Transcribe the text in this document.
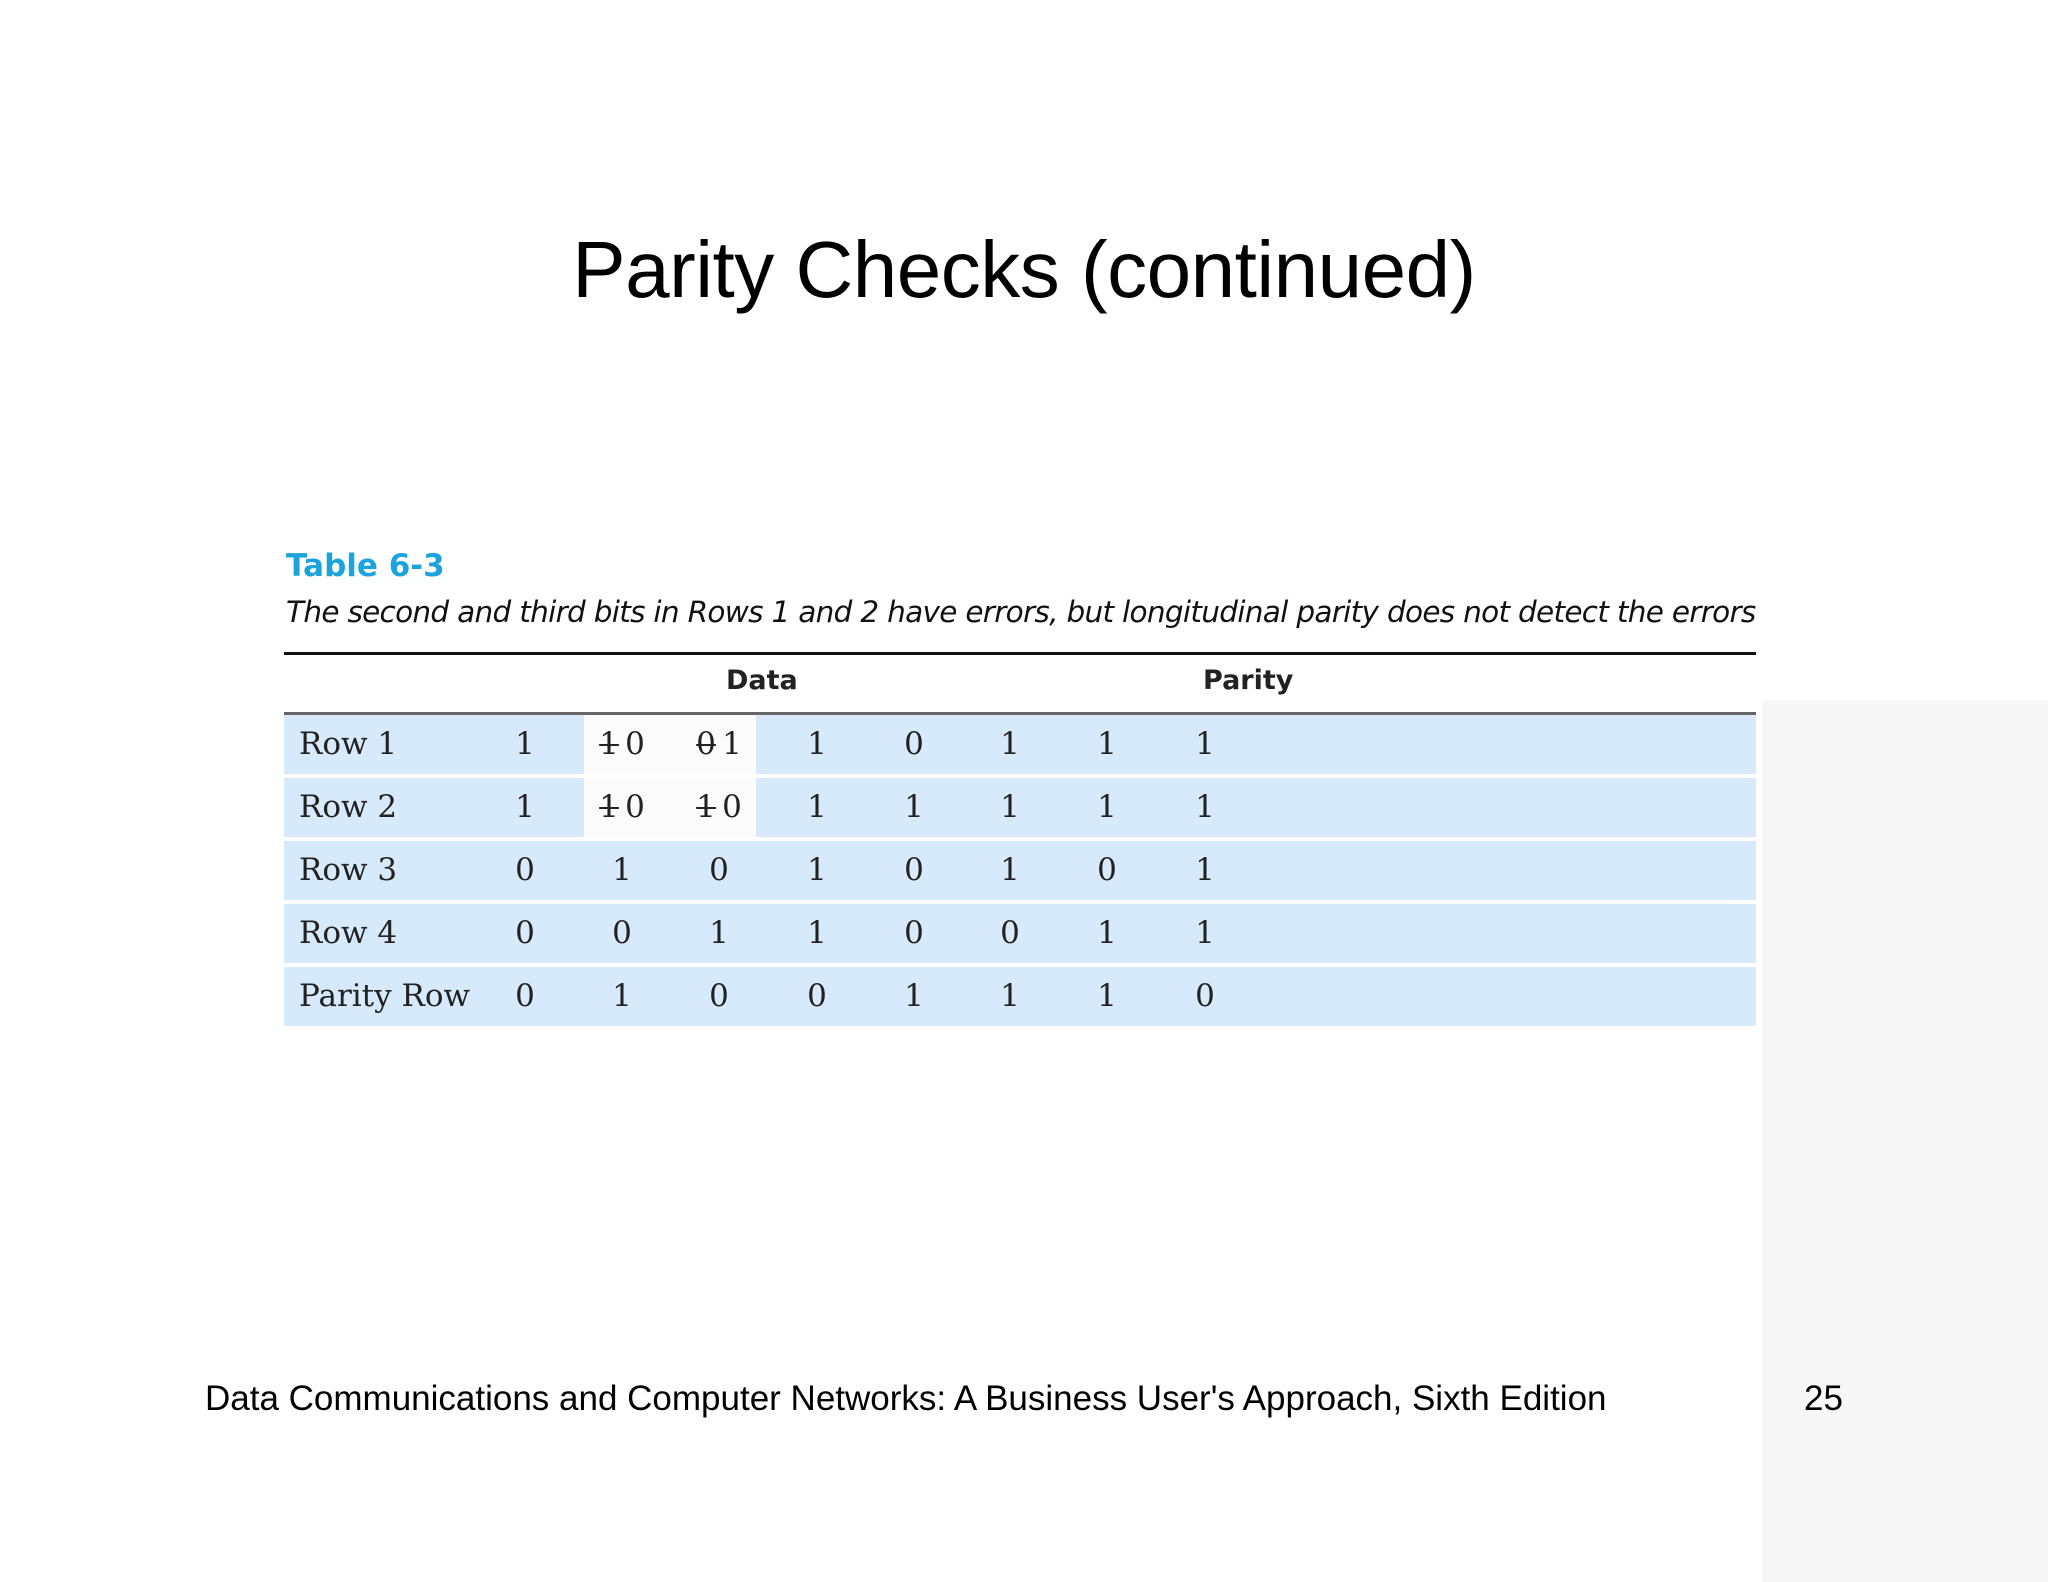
Parity Checks (continued)
Table 6-3
The second and third bits in Rows 1 and 2 have errors, but longitudinal parity does not detect the errors
Data	Parity
Row 1	1	1  0	0  1	1	0	1	1	1
Row 2	1	1  0	1  0	1	1	1	1	1
Row 3	0	1	0	1	0	1	0	1
Row 4	0	0	1	1	0	0	1	1
Parity Row	0	1	0	0	1	1	1	0
Data Communications and Computer Networks: A Business User's Approach, Sixth Edition	25
